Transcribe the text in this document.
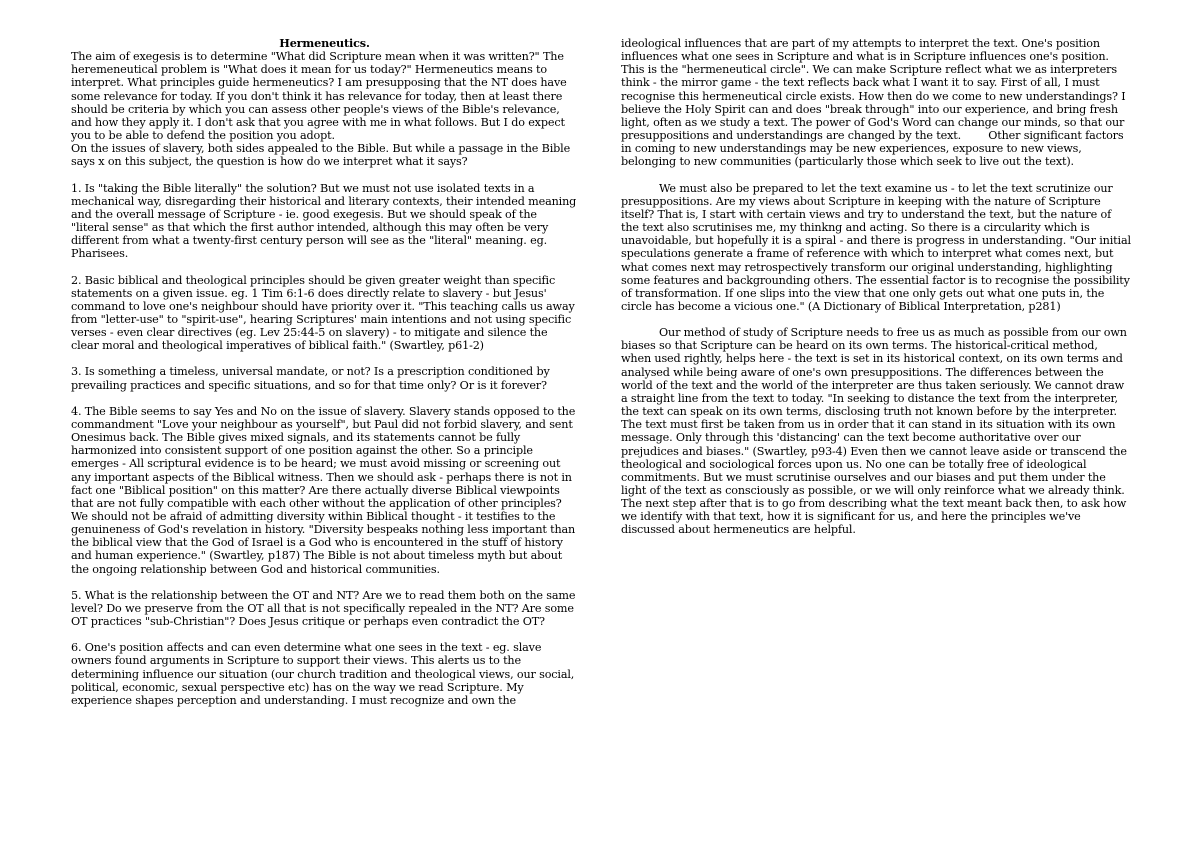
Hermeneutics.

The aim of exegesis is to determine "What did Scripture mean when it was written?" The heremeneutical problem is "What does it mean for us today?" Hermeneutics means to interpret. What principles guide hermeneutics? I am presupposing that the NT does have some relevance for today. If you don't think it has relevance for today, then at least there should be criteria by which you can assess other people's views of the Bible's relevance, and how they apply it. I don't ask that you agree with me in what follows. But I do expect you to be able to defend the position you adopt.

On the issues of slavery, both sides appealed to the Bible. But while a passage in the Bible says x on this subject, the question is how do we interpret what it says?

1. Is "taking the Bible literally" the solution? But we must not use isolated texts in a mechanical way, disregarding their historical and literary contexts, their intended meaning and the overall message of Scripture - ie. good exegesis. But we should speak of the "literal sense" as that which the first author intended, although this may often be very different from what a twenty-first century person will see as the "literal" meaning. eg. Pharisees.

2. Basic biblical and theological principles should be given greater weight than specific statements on a given issue. eg. 1 Tim 6:1-6 does directly relate to slavery - but Jesus' command to love one's neighbour should have priority over it. "This teaching calls us away from "letter-use" to "spirit-use", hearing Scriptures' main intentions and not using specific verses - even clear directives (eg. Lev 25:44-5 on slavery) - to mitigate and silence the clear moral and theological imperatives of biblical faith." (Swartley, p61-2)

3. Is something a timeless, universal mandate, or not? Is a prescription conditioned by prevailing practices and specific situations, and so for that time only? Or is it forever?

4. The Bible seems to say Yes and No on the issue of slavery. Slavery stands opposed to the commandment "Love your neighbour as yourself", but Paul did not forbid slavery, and sent Onesimus back. The Bible gives mixed signals, and its statements cannot be fully harmonized into consistent support of one position against the other. So a principle emerges - All scriptural evidence is to be heard; we must avoid missing or screening out any important aspects of the Biblical witness. Then we should ask - perhaps there is not in fact one "Biblical position" on this matter? Are there actually diverse Biblical viewpoints that are not fully compatible with each other without the application of other principles? We should not be afraid of admitting diversity within Biblical thought - it testifies to the genuineness of God's revelation in history. "Diversity bespeaks nothing less important than the biblical view that the God of Israel is a God who is encountered in the stuff of history and human experience." (Swartley, p187) The Bible is not about timeless myth but about the ongoing relationship between God and historical communities.

5. What is the relationship between the OT and NT? Are we to read them both on the same level? Do we preserve from the OT all that is not specifically repealed in the NT? Are some OT practices "sub-Christian"? Does Jesus critique or perhaps even contradict the OT?

6. One's position affects and can even determine what one sees in the text - eg. slave owners found arguments in Scripture to support their views. This alerts us to the determining influence our situation (our church tradition and theological views, our social, political, economic, sexual perspective etc) has on the way we read Scripture. My experience shapes perception and understanding. I must recognize and own the

ideological influences that are part of my attempts to interpret the text. One's position influences what one sees in Scripture and what is in Scripture influences one's position. This is the "hermeneutical circle". We can make Scripture reflect what we as interpreters think - the mirror game - the text reflects back what I want it to say. First of all, I must recognise this hermeneutical circle exists. How then do we come to new understandings? I believe the Holy Spirit can and does "break through" into our experience, and bring fresh light, often as we study a text. The power of God's Word can change our minds, so that our presuppositions and understandings are changed by the text.        Other significant factors in coming to new understandings may be new experiences, exposure to new views, belonging to new communities (particularly those which seek to live out the text).

We must also be prepared to let the text examine us - to let the text scrutinize our presuppositions. Are my views about Scripture in keeping with the nature of Scripture itself? That is, I start with certain views and try to understand the text, but the nature of the text also scrutinises me, my thinkng and acting. So there is a circularity which is unavoidable, but hopefully it is a spiral - and there is progress in understanding. "Our initial speculations generate a frame of reference with which to interpret what comes next, but what comes next may retrospectively transform our original understanding, highlighting some features and backgrounding others. The essential factor is to recognise the possibility of transformation. If one slips into the view that one only gets out what one puts in, the circle has become a vicious one." (A Dictionary of Biblical Interpretation, p281)

Our method of study of Scripture needs to free us as much as possible from our own biases so that Scripture can be heard on its own terms. The historical-critical method, when used rightly, helps here - the text is set in its historical context, on its own terms and analysed while being aware of one's own presuppositions. The differences between the world of the text and the world of the interpreter are thus taken seriously. We cannot draw a straight line from the text to today. "In seeking to distance the text from the interpreter, the text can speak on its own terms, disclosing truth not known before by the interpreter. The text must first be taken from us in order that it can stand in its situation with its own message. Only through this 'distancing' can the text become authoritative over our prejudices and biases." (Swartley, p93-4) Even then we cannot leave aside or transcend the theological and sociological forces upon us. No one can be totally free of ideological commitments. But we must scrutinise ourselves and our biases and put them under the light of the text as consciously as possible, or we will only reinforce what we already think. The next step after that is to go from describing what the text meant back then, to ask how we identify with that text, how it is significant for us, and here the principles we've discussed about hermeneutics are helpful.
